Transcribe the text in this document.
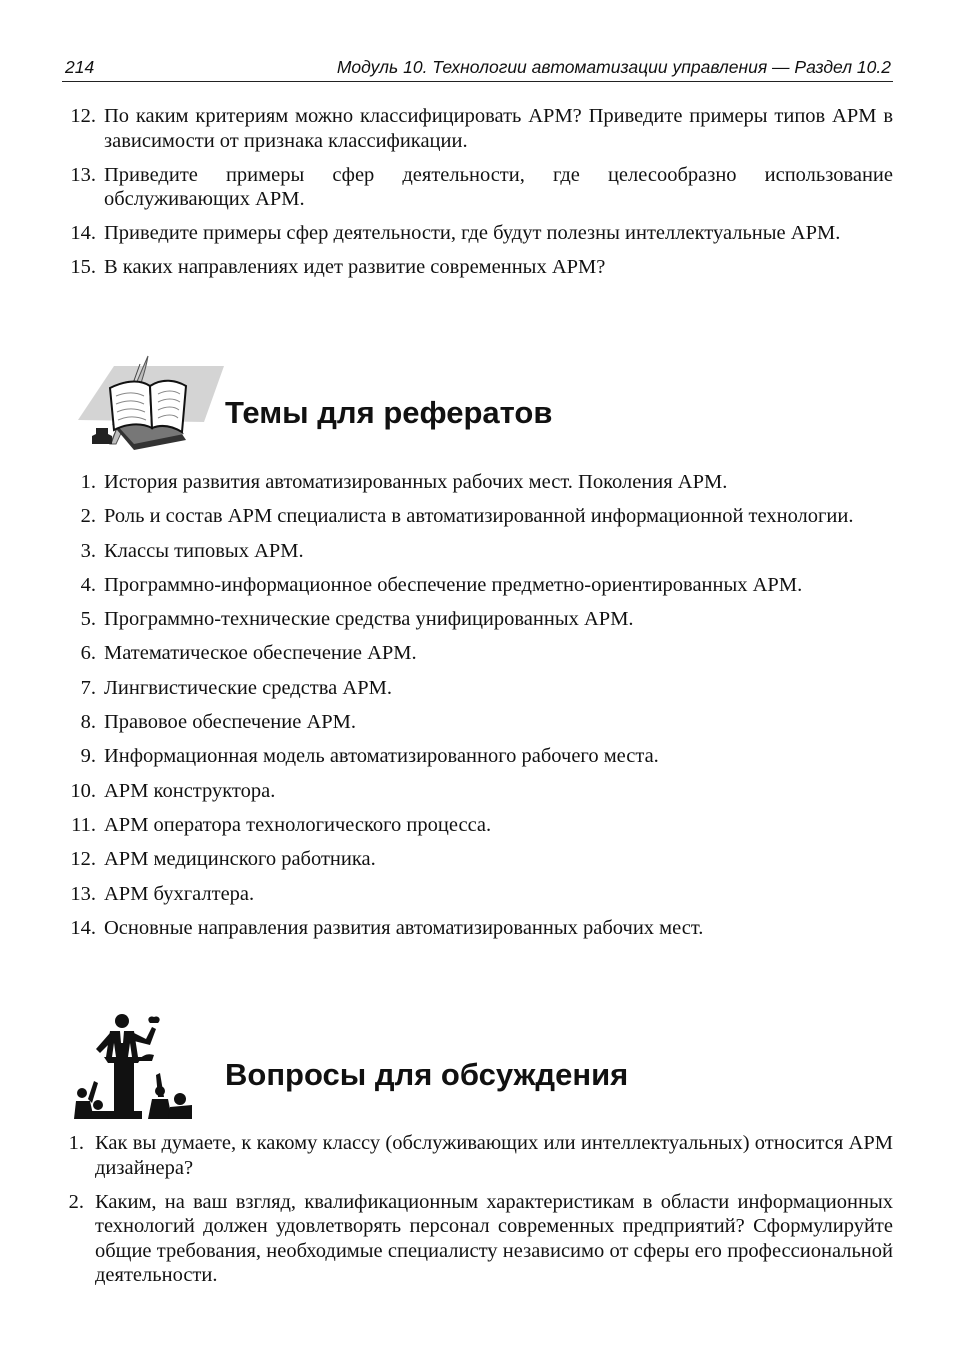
214	Модуль 10. Технологии автоматизации управления — Раздел 10.2
12. По каким критериям можно классифицировать АРМ? Приведите примеры типов АРМ в зависимости от признака классификации.
13. Приведите примеры сфер деятельности, где целесообразно использование обслуживающих АРМ.
14. Приведите примеры сфер деятельности, где будут полезны интеллектуальные АРМ.
15. В каких направлениях идет развитие современных АРМ?
Темы для рефератов
1. История развития автоматизированных рабочих мест. Поколения АРМ.
2. Роль и состав АРМ специалиста в автоматизированной информационной технологии.
3. Классы типовых АРМ.
4. Программно-информационное обеспечение предметно-ориентированных АРМ.
5. Программно-технические средства унифицированных АРМ.
6. Математическое обеспечение АРМ.
7. Лингвистические средства АРМ.
8. Правовое обеспечение АРМ.
9. Информационная модель автоматизированного рабочего места.
10. АРМ конструктора.
11. АРМ оператора технологического процесса.
12. АРМ медицинского работника.
13. АРМ бухгалтера.
14. Основные направления развития автоматизированных рабочих мест.
Вопросы для обсуждения
1. Как вы думаете, к какому классу (обслуживающих или интеллектуальных) относится АРМ дизайнера?
2. Каким, на ваш взгляд, квалификационным характеристикам в области информационных технологий должен удовлетворять персонал современных предприятий? Сформулируйте общие требования, необходимые специалисту независимо от сферы его профессиональной деятельности.
